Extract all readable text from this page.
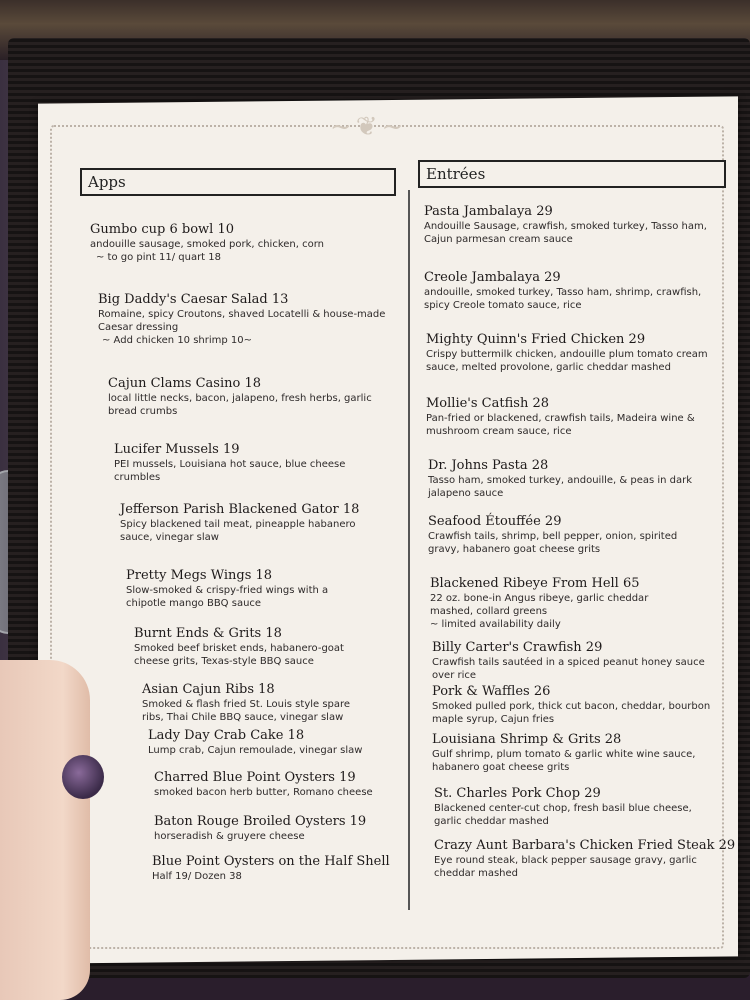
~❦~
Apps	Entrées
Gumbo cup 6 bowl 10
andouille sausage, smoked pork, chicken, corn
~ to go pint 11/ quart 18
Big Daddy's Caesar Salad 13
Romaine, spicy Croutons, shaved Locatelli & house-made Caesar dressing
~ Add chicken 10 shrimp 10~
Cajun Clams Casino 18
local little necks, bacon, jalapeno, fresh herbs, garlic bread crumbs
Lucifer Mussels 19
PEI mussels, Louisiana hot sauce, blue cheese crumbles
Jefferson Parish Blackened Gator 18
Spicy blackened tail meat, pineapple habanero sauce, vinegar slaw
Pretty Megs Wings 18
Slow-smoked & crispy-fried wings with a chipotle mango BBQ sauce
Burnt Ends & Grits 18
Smoked beef brisket ends, habanero-goat cheese grits, Texas-style BBQ sauce
Asian Cajun Ribs 18
Smoked & flash fried St. Louis style spare ribs, Thai Chile BBQ sauce, vinegar slaw
Lady Day Crab Cake 18
Lump crab, Cajun remoulade, vinegar slaw
Charred Blue Point Oysters 19
smoked bacon herb butter, Romano cheese
Baton Rouge Broiled Oysters 19
horseradish & gruyere cheese
Blue Point Oysters on the Half Shell
Half 19/ Dozen 38
Pasta Jambalaya 29
Andouille Sausage, crawfish, smoked turkey, Tasso ham, Cajun parmesan cream sauce
Creole Jambalaya 29
andouille, smoked turkey, Tasso ham, shrimp, crawfish, spicy Creole tomato sauce, rice
Mighty Quinn's Fried Chicken 29
Crispy buttermilk chicken, andouille plum tomato cream sauce, melted provolone, garlic cheddar mashed
Mollie's Catfish 28
Pan-fried or blackened, crawfish tails, Madeira wine & mushroom cream sauce, rice
Dr. Johns Pasta 28
Tasso ham, smoked turkey, andouille, & peas in dark jalapeno sauce
Seafood Étouffée 29
Crawfish tails, shrimp, bell pepper, onion, spirited gravy, habanero goat cheese grits
Blackened Ribeye From Hell 65
22 oz. bone-in Angus ribeye, garlic cheddar mashed, collard greens
~ limited availability daily
Billy Carter's Crawfish 29
Crawfish tails sautéed in a spiced peanut honey sauce over rice
Pork & Waffles 26
Smoked pulled pork, thick cut bacon, cheddar, bourbon maple syrup, Cajun fries
Louisiana Shrimp & Grits 28
Gulf shrimp, plum tomato & garlic white wine sauce, habanero goat cheese grits
St. Charles Pork Chop 29
Blackened center-cut chop, fresh basil blue cheese, garlic cheddar mashed
Crazy Aunt Barbara's Chicken Fried Steak 29
Eye round steak, black pepper sausage gravy, garlic cheddar mashed
